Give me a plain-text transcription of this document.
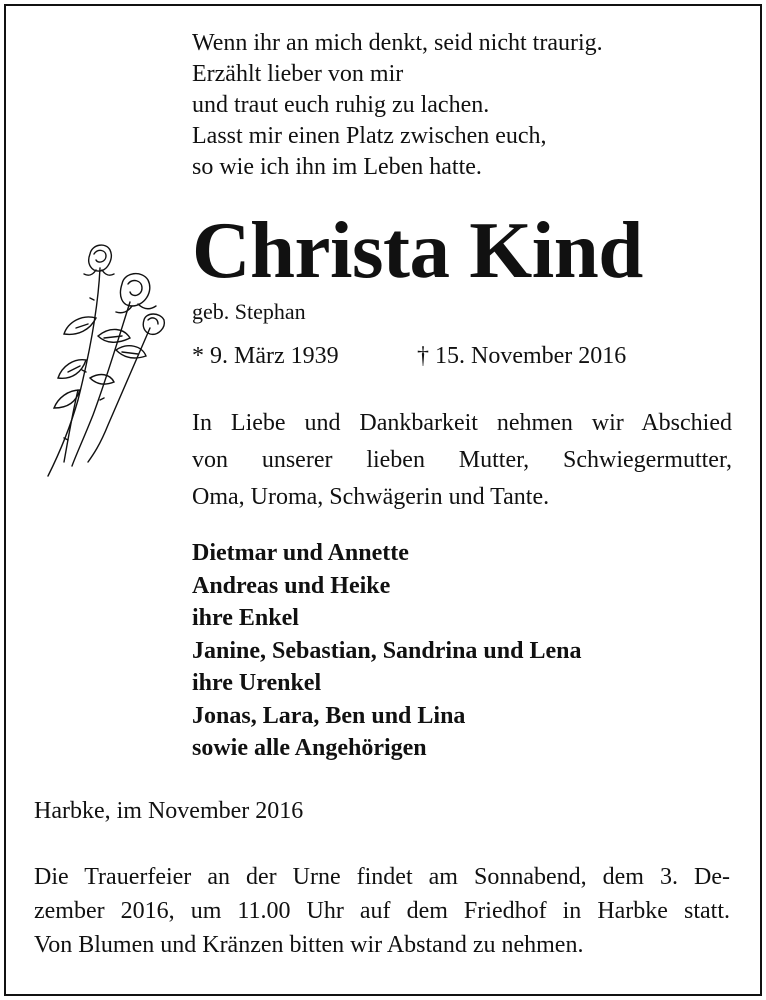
Wenn ihr an mich denkt, seid nicht traurig.
Erzählt lieber von mir
und traut euch ruhig zu lachen.
Lasst mir einen Platz zwischen euch,
so wie ich ihn im Leben hatte.
Christa Kind
geb. Stephan
* 9. März 1939	† 15. November 2016
In Liebe und Dankbarkeit nehmen wir Abschied
von unserer lieben Mutter, Schwiegermutter,
Oma, Uroma, Schwägerin und Tante.
Dietmar und Annette
Andreas und Heike
ihre Enkel
Janine, Sebastian, Sandrina und Lena
ihre Urenkel
Jonas, Lara, Ben und Lina
sowie alle Angehörigen
Harbke, im November 2016
Die Trauerfeier an der Urne findet am Sonnabend, dem 3. De-
zember 2016, um 11.00 Uhr auf dem Friedhof in Harbke statt.
Von Blumen und Kränzen bitten wir Abstand zu nehmen.
